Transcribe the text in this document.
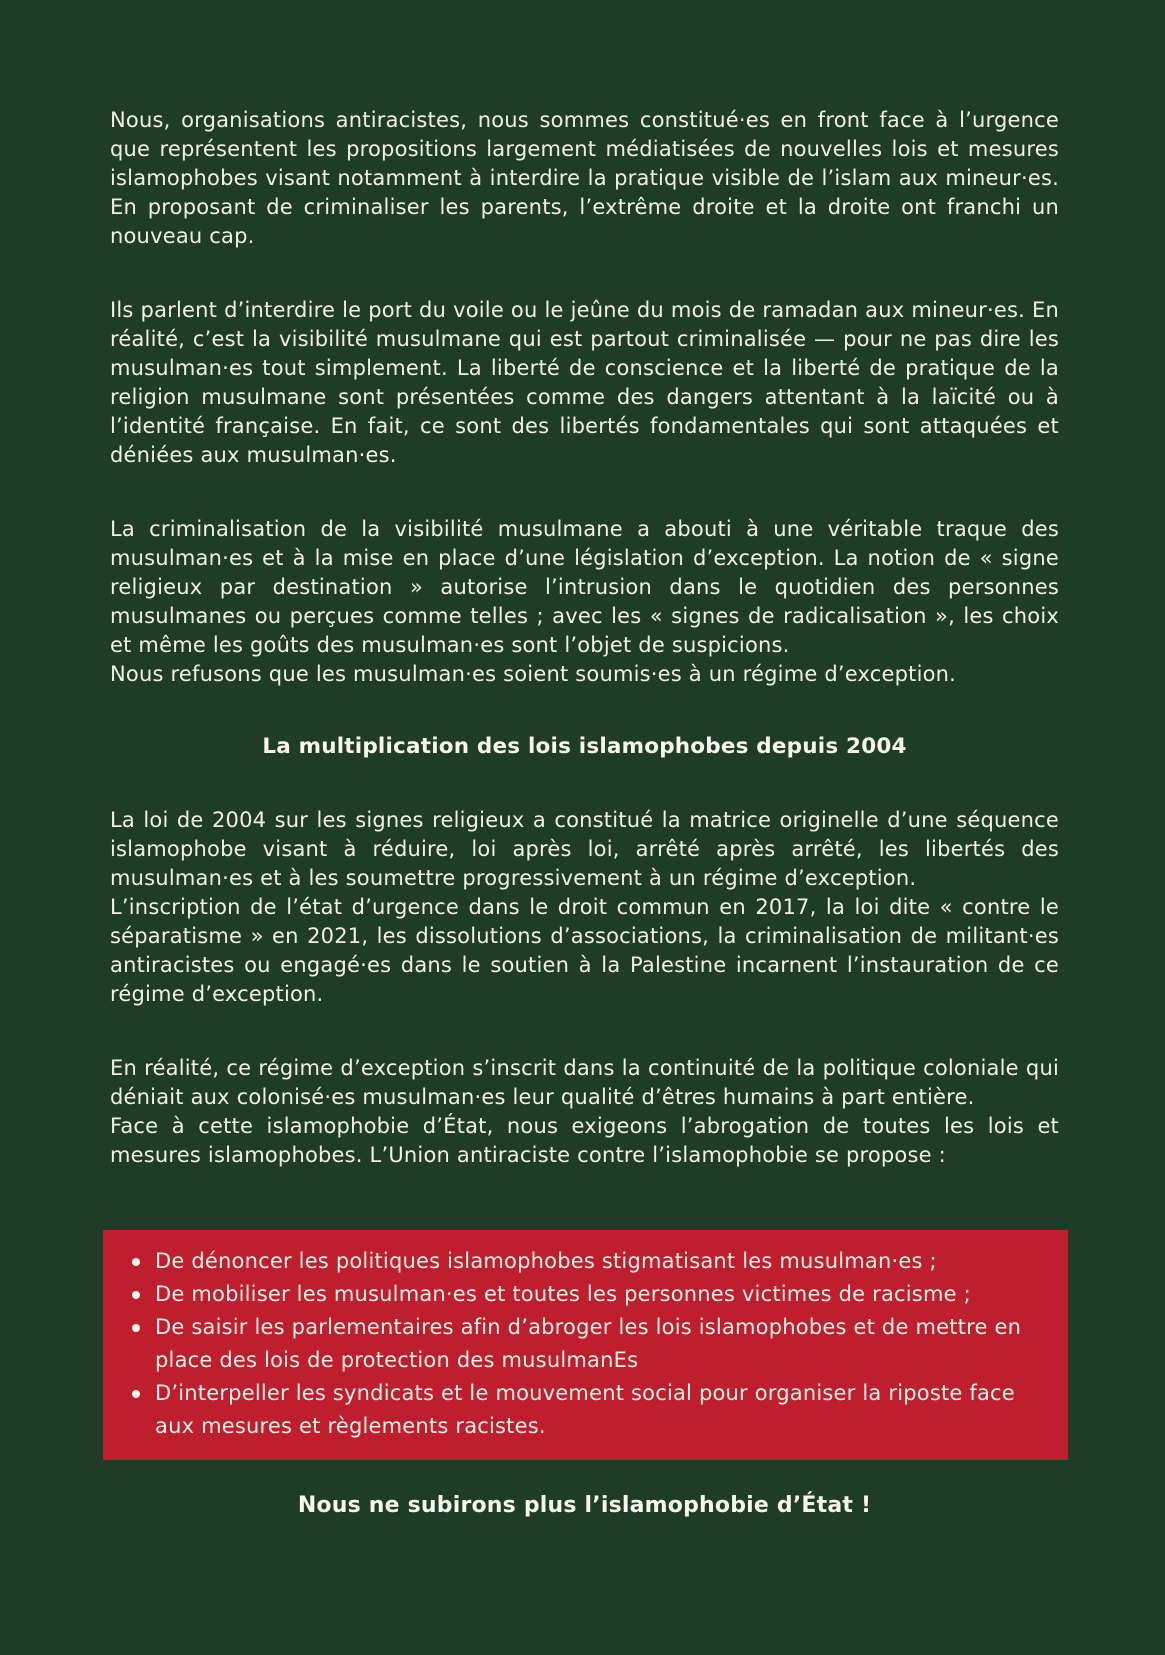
Nous, organisations antiracistes, nous sommes constitué·es en front face à l’urgence que représentent les propositions largement médiatisées de nouvelles lois et mesures islamophobes visant notamment à interdire la pratique visible de l’islam aux mineur·es. En proposant de criminaliser les parents, l’extrême droite et la droite ont franchi un nouveau cap.

Ils parlent d’interdire le port du voile ou le jeûne du mois de ramadan aux mineur·es. En réalité, c’est la visibilité musulmane qui est partout criminalisée — pour ne pas dire les musulman·es tout simplement. La liberté de conscience et la liberté de pratique de la religion musulmane sont présentées comme des dangers attentant à la laïcité ou à l’identité française. En fait, ce sont des libertés fondamentales qui sont attaquées et déniées aux musulman·es.

La criminalisation de la visibilité musulmane a abouti à une véritable traque des musulman·es et à la mise en place d’une législation d’exception. La notion de « signe religieux par destination » autorise l’intrusion dans le quotidien des personnes musulmanes ou perçues comme telles ; avec les « signes de radicalisation », les choix et même les goûts des musulman·es sont l’objet de suspicions.
Nous refusons que les musulman·es soient soumis·es à un régime d’exception.

La multiplication des lois islamophobes depuis 2004

La loi de 2004 sur les signes religieux a constitué la matrice originelle d’une séquence islamophobe visant à réduire, loi après loi, arrêté après arrêté, les libertés des musulman·es et à les soumettre progressivement à un régime d’exception.
L’inscription de l’état d’urgence dans le droit commun en 2017, la loi dite « contre le séparatisme » en 2021, les dissolutions d’associations, la criminalisation de militant·es antiracistes ou engagé·es dans le soutien à la Palestine incarnent l’instauration de ce régime d’exception.

En réalité, ce régime d’exception s’inscrit dans la continuité de la politique coloniale qui déniait aux colonisé·es musulman·es leur qualité d’êtres humains à part entière.
Face à cette islamophobie d’État, nous exigeons l’abrogation de toutes les lois et mesures islamophobes. L’Union antiraciste contre l’islamophobie se propose :

De dénoncer les politiques islamophobes stigmatisant les musulman·es ;
De mobiliser les musulman·es et toutes les personnes victimes de racisme ;
De saisir les parlementaires afin d’abroger les lois islamophobes et de mettre en place des lois de protection des musulmanEs
D’interpeller les syndicats et le mouvement social pour organiser la riposte face aux mesures et règlements racistes.

Nous ne subirons plus l’islamophobie d’État !
